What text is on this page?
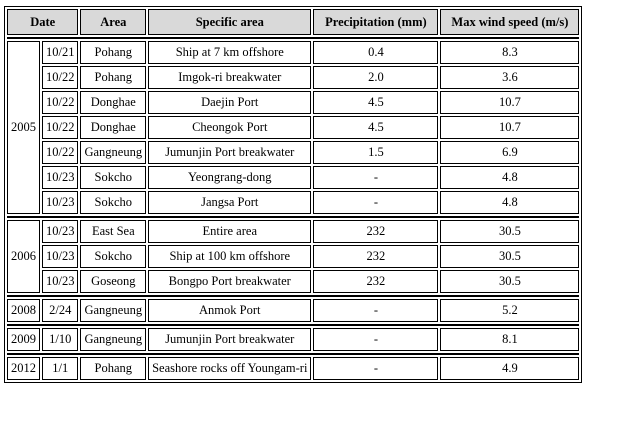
Date		Area	Specific area	Precipitation (mm)	Max wind speed (m/s)

2005	10/21	Pohang	Ship at 7 km offshore	0.4	8.3
	10/22	Pohang	Imgok-ri breakwater	2.0	3.6
	10/22	Donghae	Daejin Port	4.5	10.7
	10/22	Donghae	Cheongok Port	4.5	10.7
	10/22	Gangneung	Jumunjin Port breakwater	1.5	6.9
	10/23	Sokcho	Yeongrang-dong	-	4.8
	10/23	Sokcho	Jangsa Port	-	4.8

2006	10/23	East Sea	Entire area	232	30.5
	10/23	Sokcho	Ship at 100 km offshore	232	30.5
	10/23	Goseong	Bongpo Port breakwater	232	30.5

2008	2/24	Gangneung	Anmok Port	-	5.2

2009	1/10	Gangneung	Jumunjin Port breakwater	-	8.1

2012	1/1	Pohang	Seashore rocks off Youngam-ri	-	4.9
